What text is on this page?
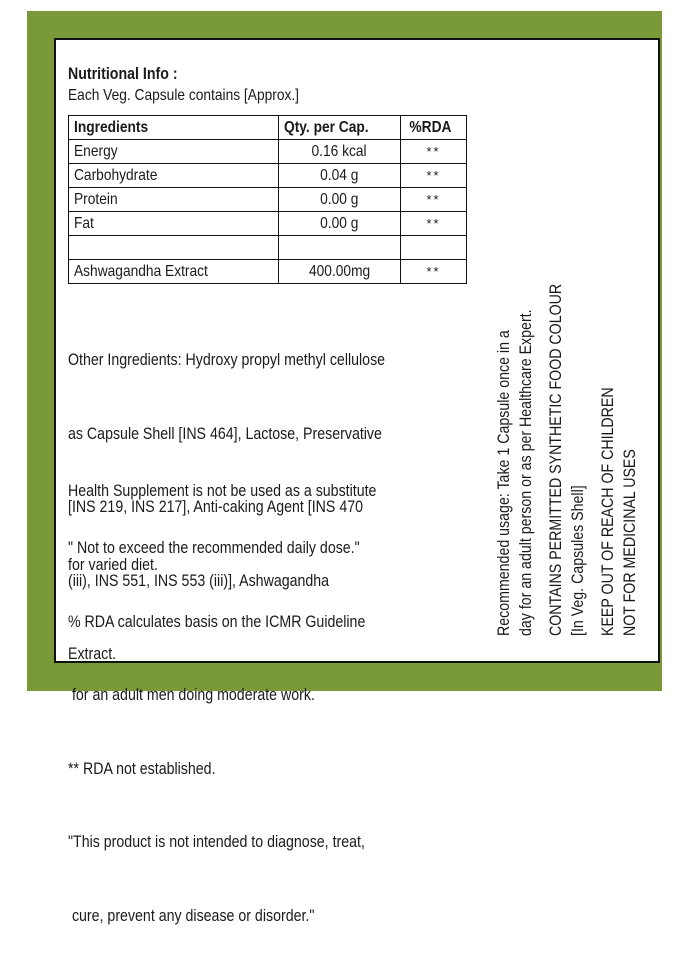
Nutritional Info :
Each Veg. Capsule contains [Approx.]
Ingredients	Qty. per Cap.	%RDA
Energy	0.16 kcal	**
Carbohydrate	0.04 g	**
Protein	0.00 g	**
Fat	0.00 g	**

Ashwagandha Extract	400.00mg	**

Other Ingredients: Hydroxy propyl methyl cellulose

as Capsule Shell [INS 464], Lactose, Preservative

[INS 219, INS 217], Anti-caking Agent [INS 470

(iii), INS 551, INS 553 (iii)], Ashwagandha

Extract.

Health Supplement is not be used as a substitute

for varied diet.

" Not to exceed the recommended daily dose."

% RDA calculates basis on the ICMR Guideline

for an adult men doing moderate work.

** RDA not established.

"This product is not intended to diagnose, treat,

cure, prevent any disease or disorder."

Recommended usage: Take 1 Capsule once in a day for an adult person or as per Healthcare Expert. CONTAINS PERMITTED SYNTHETIC FOOD COLOUR [In Veg. Capsules Shell] KEEP OUT OF REACH OF CHILDREN NOT FOR MEDICINAL USES
